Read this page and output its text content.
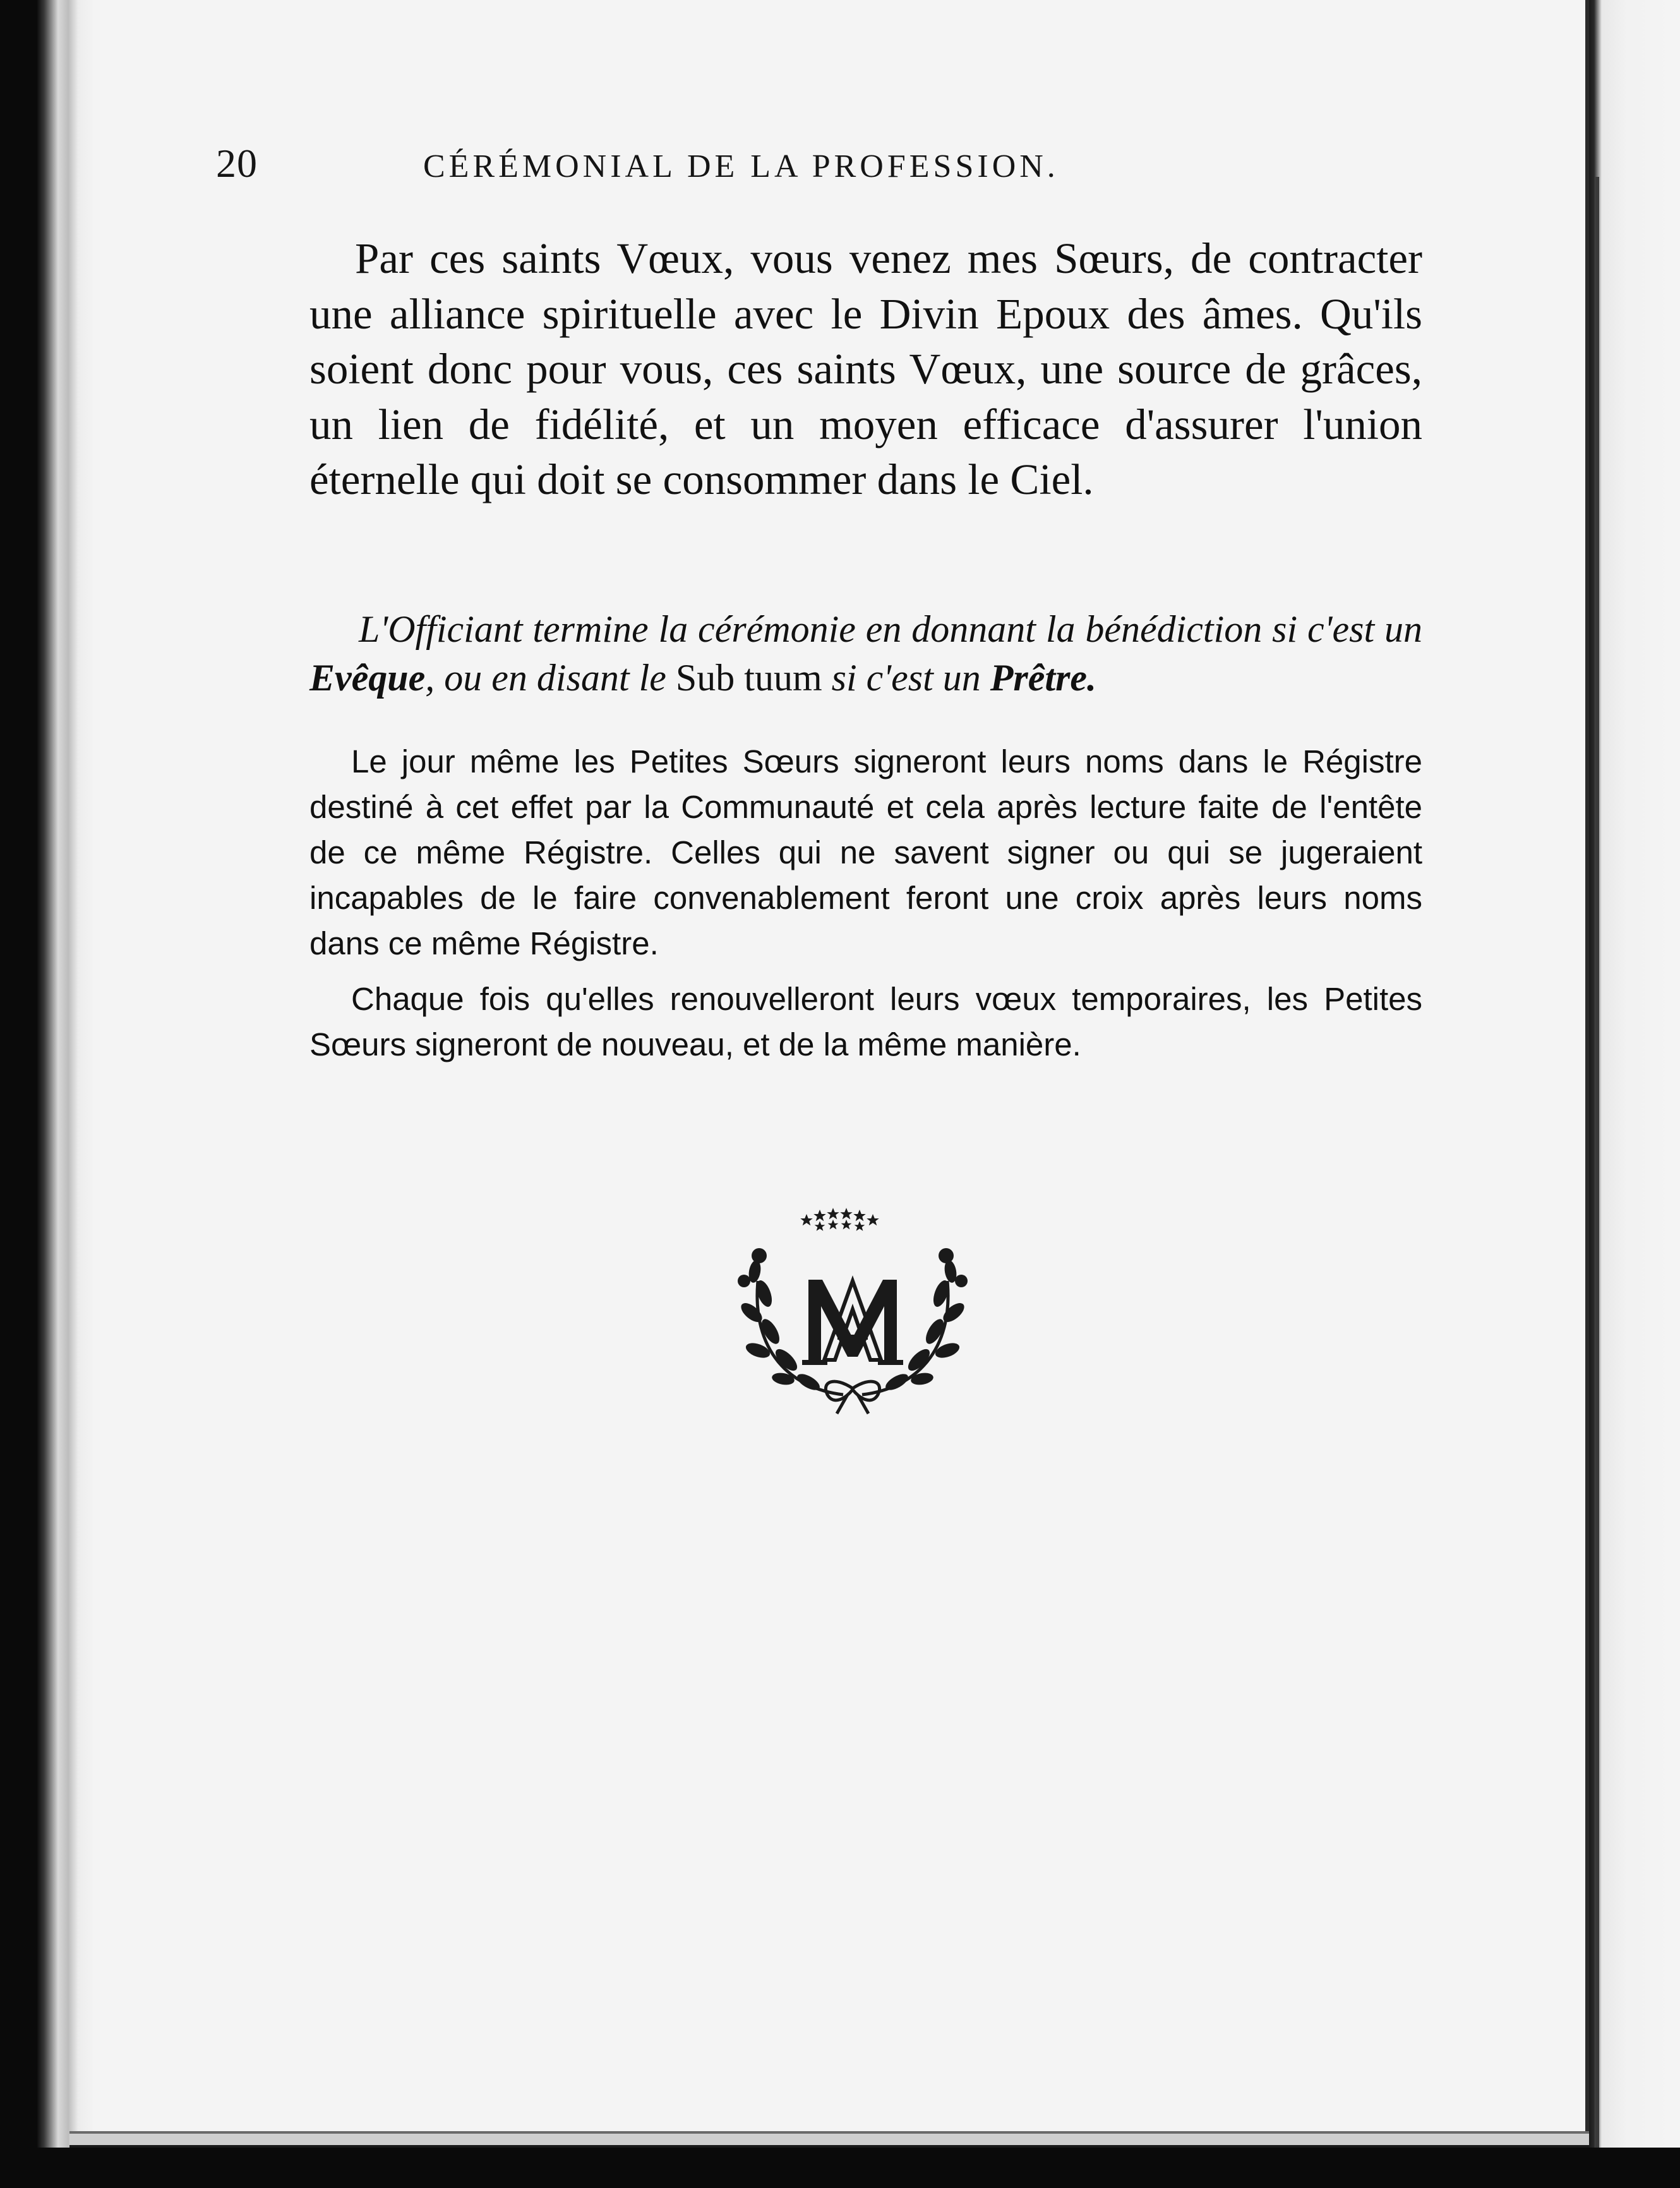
20	CÉRÉMONIAL DE LA PROFESSION.

Par ces saints Vœux, vous venez mes Sœurs, de contracter une alliance spirituelle avec le Divin Epoux des âmes. Qu'ils soient donc pour vous, ces saints Vœux, une source de grâces, un lien de fidélité, et un moyen efficace d'assurer l'union éternelle qui doit se consommer dans le Ciel.

L'Officiant termine la cérémonie en donnant la bénédiction si c'est un Evêque, ou en disant le Sub tuum si c'est un Prêtre.

Le jour même les Petites Sœurs signeront leurs noms dans le Régistre destiné à cet effet par la Communauté et cela après lecture faite de l'entête de ce même Régistre. Celles qui ne savent signer ou qui se jugeraient incapables de le faire convenablement feront une croix après leurs noms dans ce même Régistre.

Chaque fois qu'elles renouvelleront leurs vœux temporaires, les Petites Sœurs signeront de nouveau, et de la même manière.
